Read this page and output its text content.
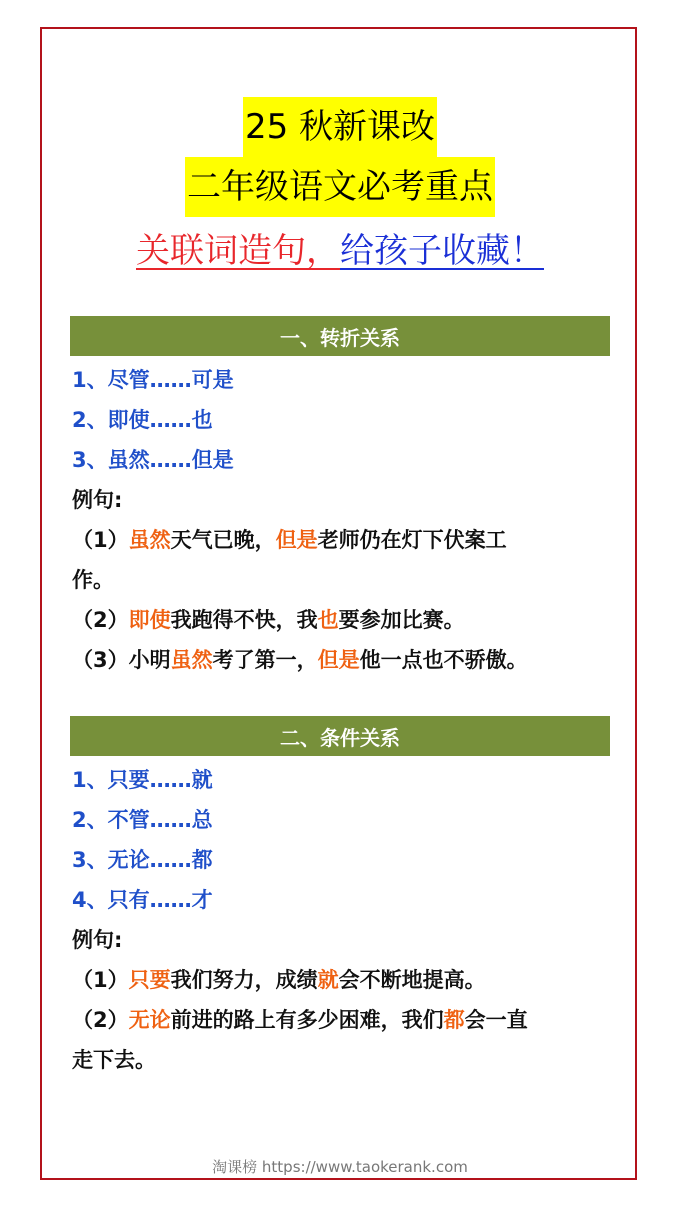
25 秋新课改
二年级语文必考重点
关联词造句，给孩子收藏！
一、转折关系
1、尽管……可是
2、即使……也
3、虽然……但是
例句:
（1）虽然天气已晚，但是老师仍在灯下伏案工
作。
（2）即使我跑得不快，我也要参加比赛。
（3）小明虽然考了第一，但是他一点也不骄傲。
二、条件关系
1、只要……就
2、不管……总
3、无论……都
4、只有……才
例句:
（1）只要我们努力，成绩就会不断地提高。
（2）无论前进的路上有多少困难，我们都会一直
走下去。
淘课榜 https://www.taokerank.com
